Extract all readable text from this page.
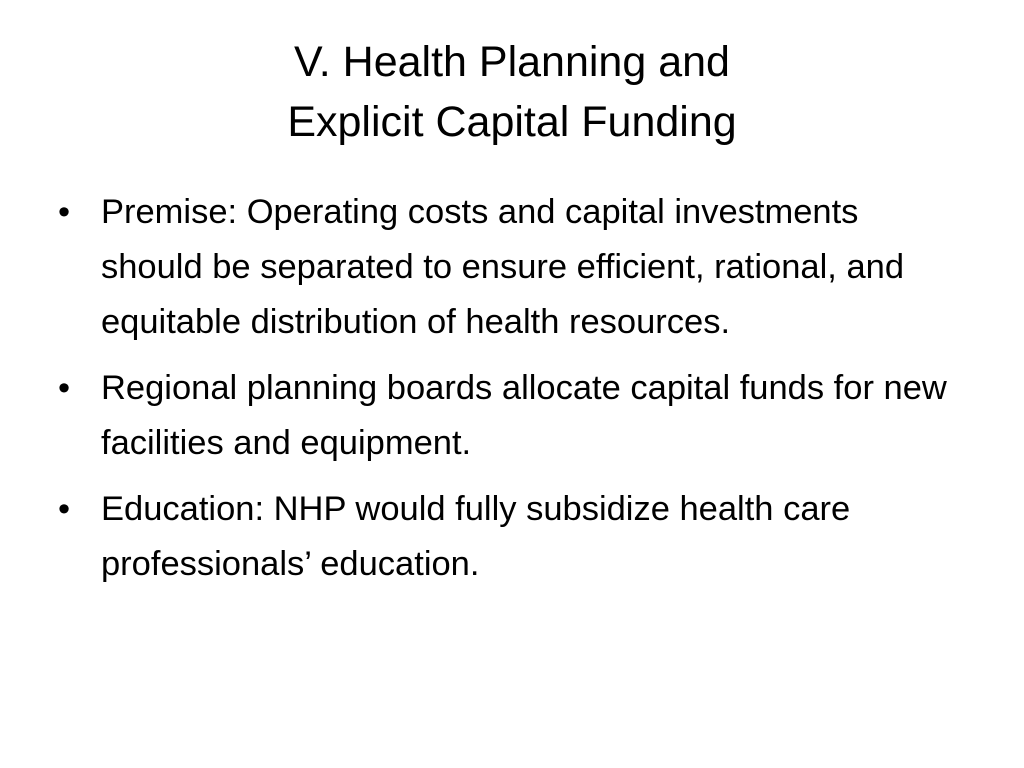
V. Health Planning and
Explicit Capital Funding
• Premise: Operating costs and capital investments should be separated to ensure efficient, rational, and equitable distribution of health resources.
• Regional planning boards allocate capital funds for new facilities and equipment.
• Education: NHP would fully subsidize health care professionals’ education.
